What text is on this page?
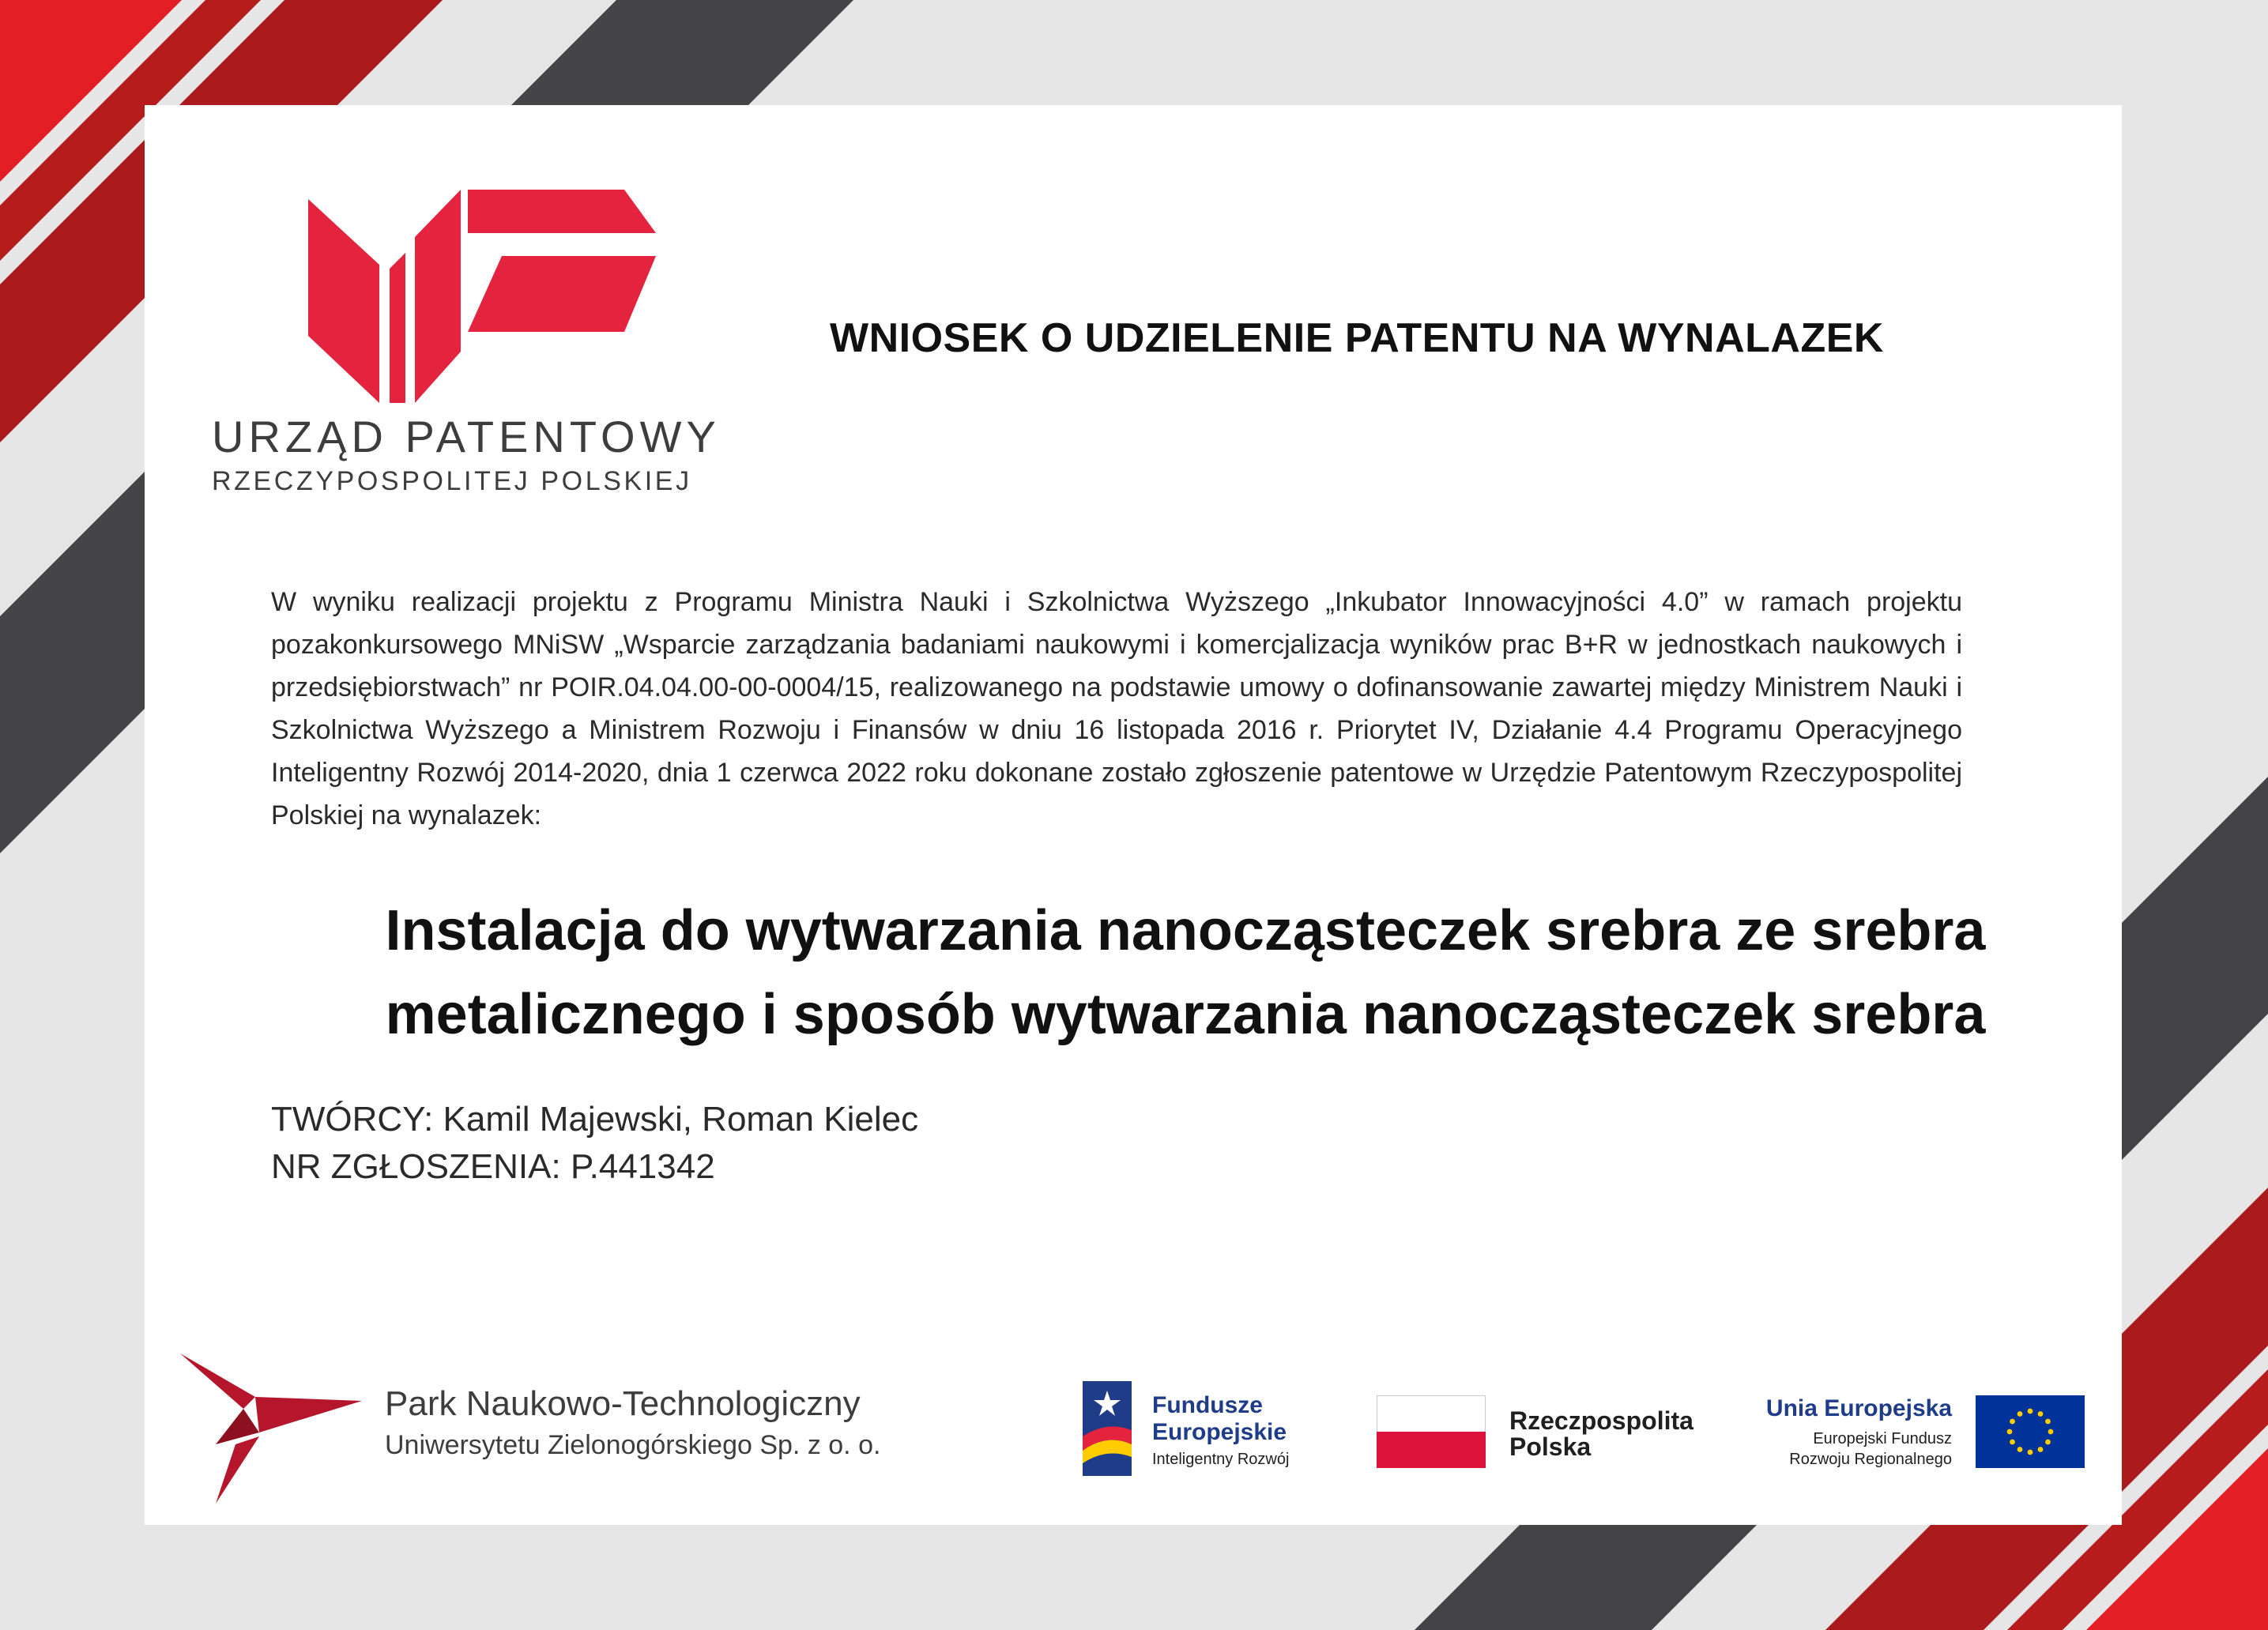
URZĄD PATENTOWY
RZECZYPOSPOLITEJ POLSKIEJ
WNIOSEK O UDZIELENIE PATENTU NA WYNALAZEK
W wyniku realizacji projektu z Programu Ministra Nauki i Szkolnictwa Wyższego „Inkubator Innowacyjności 4.0” w ramach projektu pozakonkursowego MNiSW „Wsparcie zarządzania badaniami naukowymi i komercjalizacja wyników prac B+R w jednostkach naukowych i przedsiębiorstwach” nr POIR.04.04.00-00-0004/15, realizowanego na podstawie umowy o dofinansowanie zawartej między Ministrem Nauki i Szkolnictwa Wyższego a Ministrem Rozwoju i Finansów w dniu 16 listopada 2016 r. Priorytet IV, Działanie 4.4 Programu Operacyjnego Inteligentny Rozwój 2014-2020, dnia 1 czerwca 2022 roku dokonane zostało zgłoszenie patentowe w Urzędzie Patentowym Rzeczypospolitej Polskiej na wynalazek:
Instalacja do wytwarzania nanocząsteczek srebra ze srebra
metalicznego i sposób wytwarzania nanocząsteczek srebra
TWÓRCY: Kamil Majewski, Roman Kielec
NR ZGŁOSZENIA: P.441342
Park Naukowo-Technologiczny
Uniwersytetu Zielonogórskiego Sp. z o. o.
Fundusze
Europejskie
Inteligentny Rozwój
Rzeczpospolita
Polska
Unia Europejska
Europejski Fundusz
Rozwoju Regionalnego
